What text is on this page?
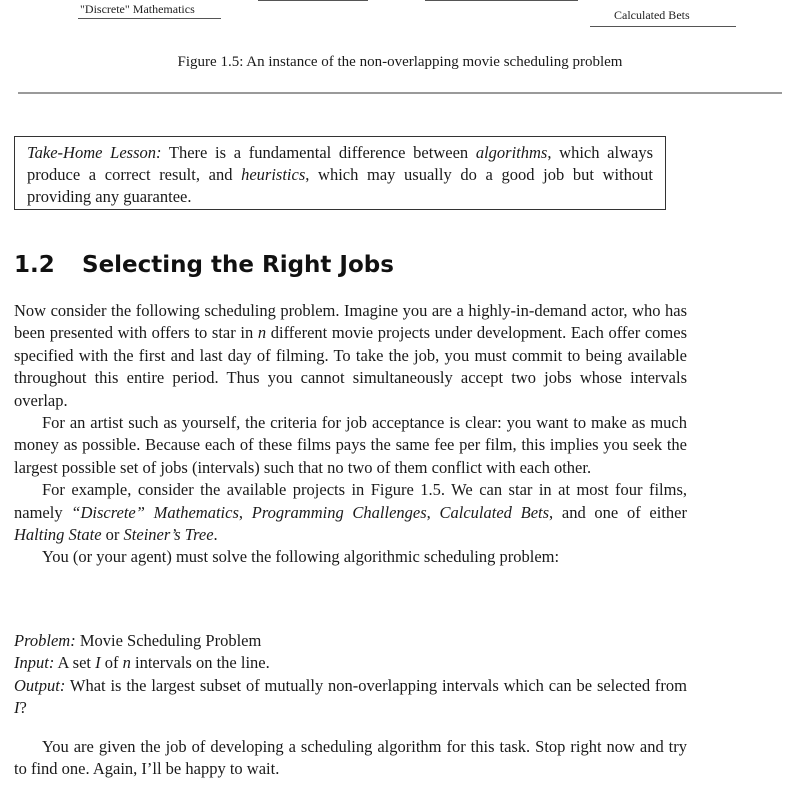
"Discrete" Mathematics	Calculated Bets
Figure 1.5: An instance of the non-overlapping movie scheduling problem
Take-Home Lesson: There is a fundamental difference between algorithms, which always produce a correct result, and heuristics, which may usually do a good job but without providing any guarantee.
1.2 Selecting the Right Jobs

Now consider the following scheduling problem. Imagine you are a highly-in-demand actor, who has been presented with offers to star in n different movie projects under development. Each offer comes specified with the first and last day of filming. To take the job, you must commit to being available throughout this entire period. Thus you cannot simultaneously accept two jobs whose intervals overlap.

For an artist such as yourself, the criteria for job acceptance is clear: you want to make as much money as possible. Because each of these films pays the same fee per film, this implies you seek the largest possible set of jobs (intervals) such that no two of them conflict with each other.

For example, consider the available projects in Figure 1.5. We can star in at most four films, namely “Discrete” Mathematics, Programming Challenges, Calculated Bets, and one of either Halting State or Steiner’s Tree.

You (or your agent) must solve the following algorithmic scheduling problem:

Problem: Movie Scheduling Problem
Input: A set I of n intervals on the line.
Output: What is the largest subset of mutually non-overlapping intervals which can be selected from I?
You are given the job of developing a scheduling algorithm for this task. Stop right now and try to find one. Again, I’ll be happy to wait.
